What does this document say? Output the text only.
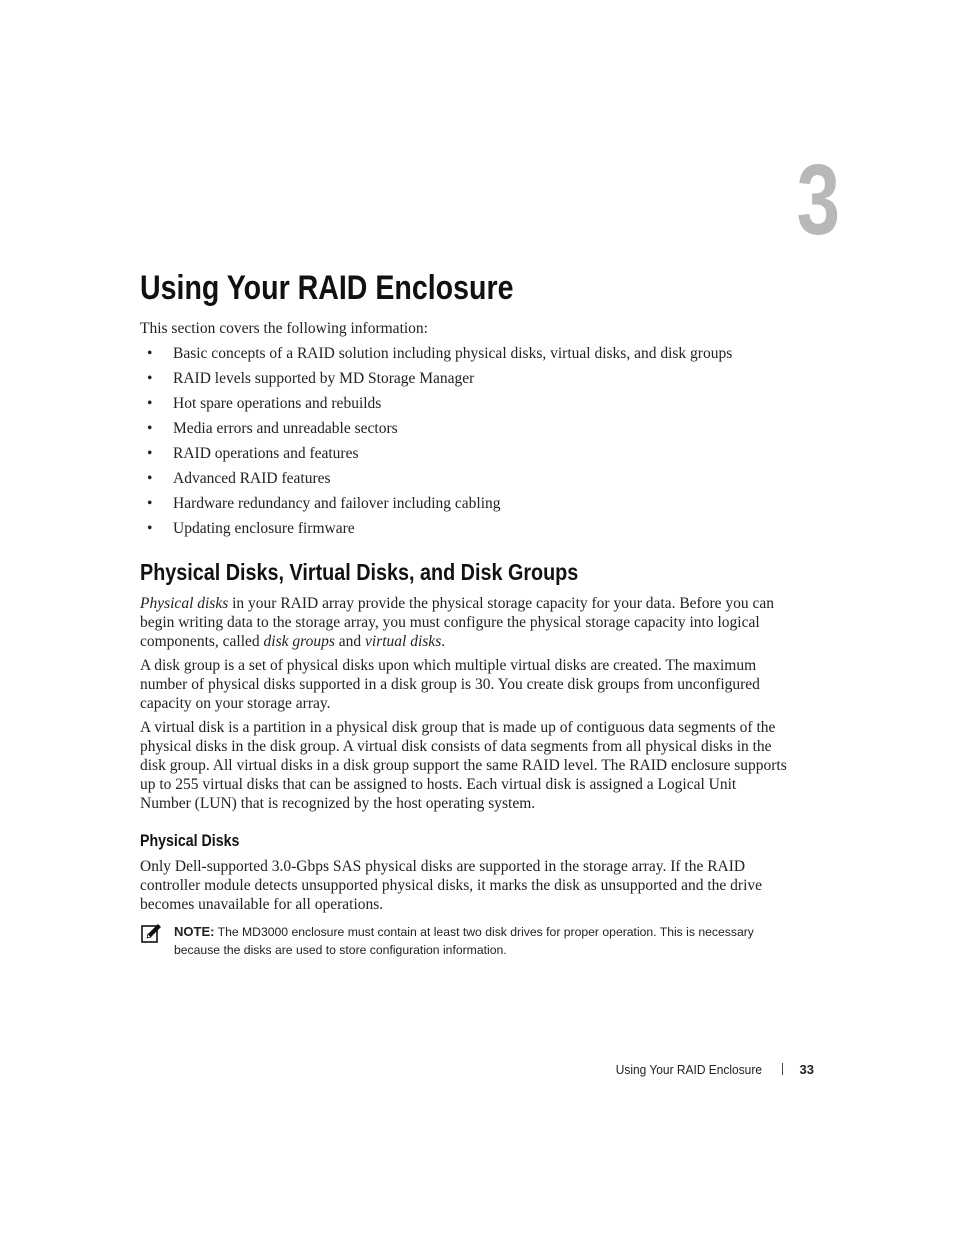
3
Using Your RAID Enclosure

This section covers the following information:

• Basic concepts of a RAID solution including physical disks, virtual disks, and disk groups
• RAID levels supported by MD Storage Manager
• Hot spare operations and rebuilds
• Media errors and unreadable sectors
• RAID operations and features
• Advanced RAID features
• Hardware redundancy and failover including cabling
• Updating enclosure firmware
Physical Disks, Virtual Disks, and Disk Groups

Physical disks in your RAID array provide the physical storage capacity for your data. Before you can begin writing data to the storage array, you must configure the physical storage capacity into logical components, called disk groups and virtual disks.

A disk group is a set of physical disks upon which multiple virtual disks are created. The maximum number of physical disks supported in a disk group is 30. You create disk groups from unconfigured capacity on your storage array.

A virtual disk is a partition in a physical disk group that is made up of contiguous data segments of the physical disks in the disk group. A virtual disk consists of data segments from all physical disks in the disk group. All virtual disks in a disk group support the same RAID level. The RAID enclosure supports up to 255 virtual disks that can be assigned to hosts. Each virtual disk is assigned a Logical Unit Number (LUN) that is recognized by the host operating system.

Physical Disks

Only Dell-supported 3.0-Gbps SAS physical disks are supported in the storage array. If the RAID controller module detects unsupported physical disks, it marks the disk as unsupported and the drive becomes unavailable for all operations.

NOTE: The MD3000 enclosure must contain at least two disk drives for proper operation. This is necessary because the disks are used to store configuration information.

Using Your RAID Enclosure	33
